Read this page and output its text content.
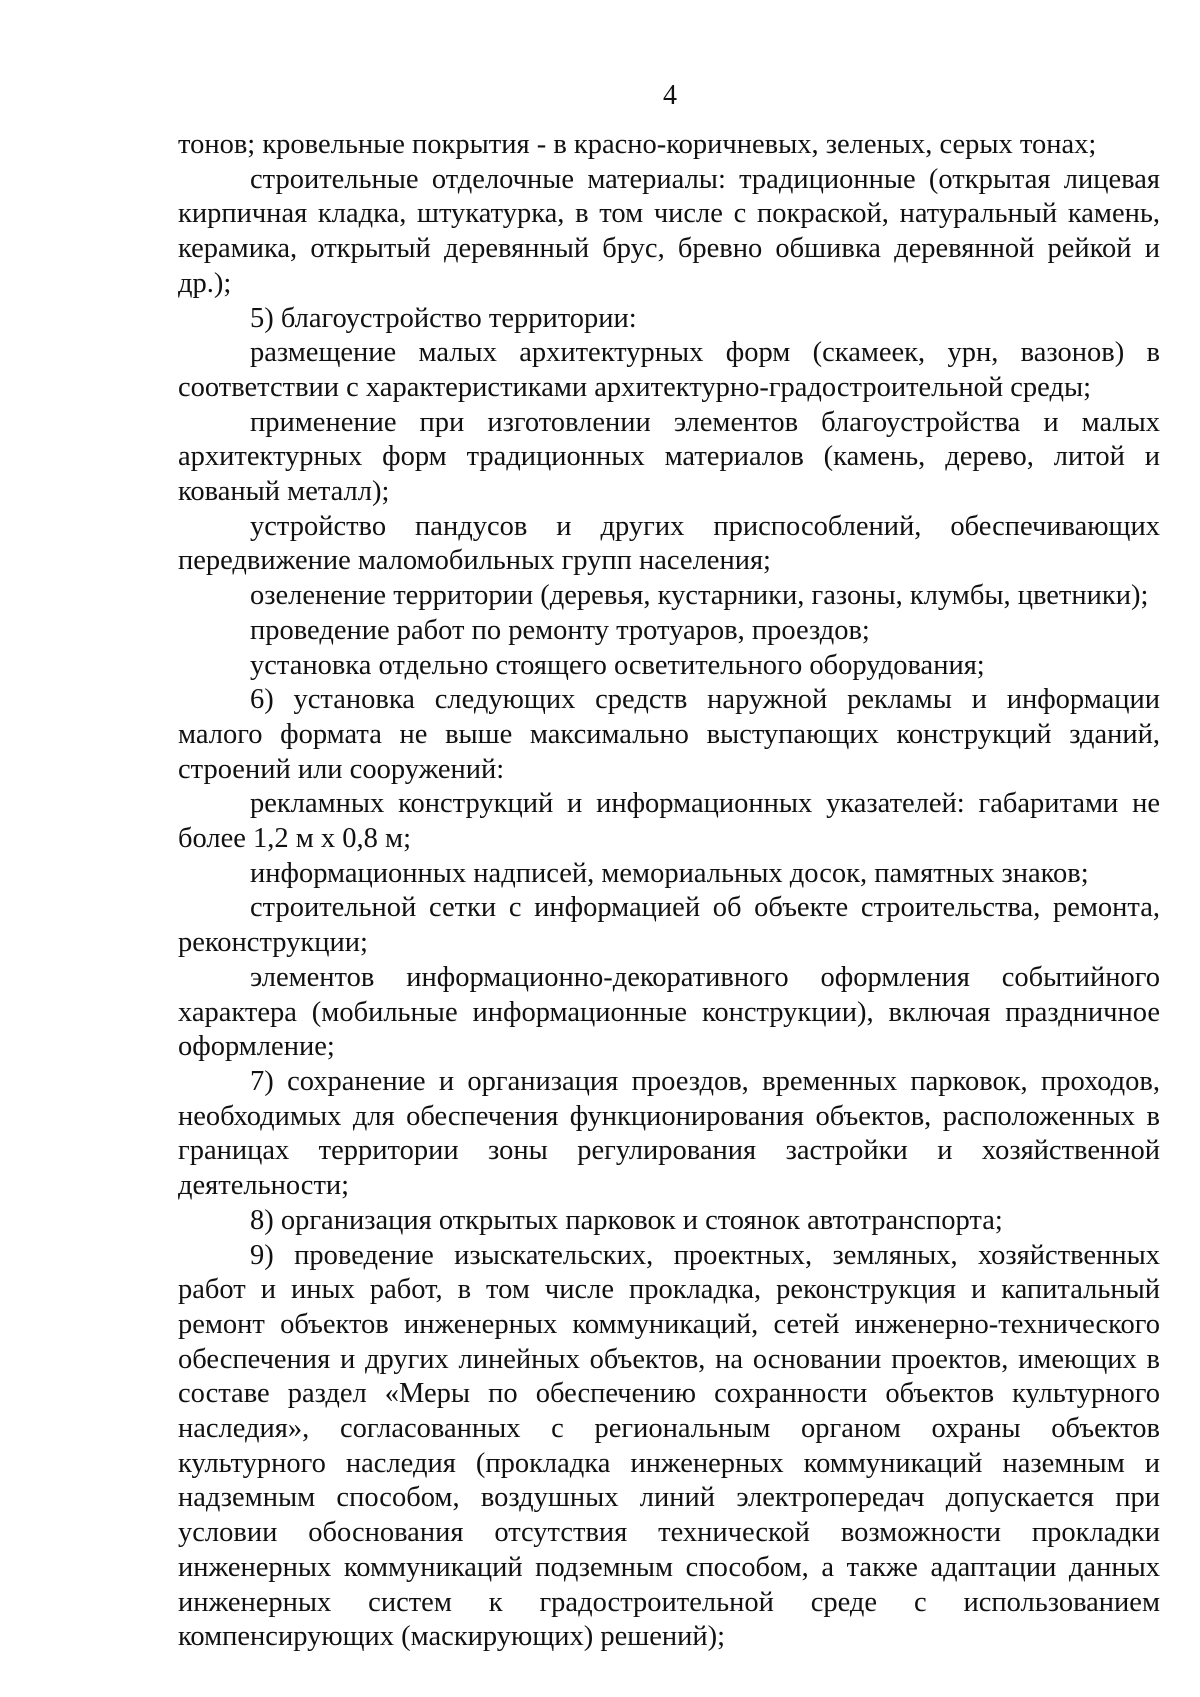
4

тонов; кровельные покрытия - в красно-коричневых, зеленых, серых тонах;

строительные отделочные материалы: традиционные (открытая лицевая кирпичная кладка, штукатурка, в том числе с покраской, натуральный камень, керамика, открытый деревянный брус, бревно обшивка деревянной рейкой и др.);

5) благоустройство территории:

размещение малых архитектурных форм (скамеек, урн, вазонов) в соответствии с характеристиками архитектурно-градостроительной среды;

применение при изготовлении элементов благоустройства и малых архитектурных форм традиционных материалов (камень, дерево, литой и кованый металл);

устройство пандусов и других приспособлений, обеспечивающих передвижение маломобильных групп населения;

озеленение территории (деревья, кустарники, газоны, клумбы, цветники);

проведение работ по ремонту тротуаров, проездов;

установка отдельно стоящего осветительного оборудования;

6) установка следующих средств наружной рекламы и информации малого формата не выше максимально выступающих конструкций зданий, строений или сооружений:

рекламных конструкций и информационных указателей: габаритами не более 1,2 м х 0,8 м;

информационных надписей, мемориальных досок, памятных знаков;

строительной сетки с информацией об объекте строительства, ремонта, реконструкции;

элементов информационно-декоративного оформления событийного характера (мобильные информационные конструкции), включая праздничное оформление;

7) сохранение и организация проездов, временных парковок, проходов, необходимых для обеспечения функционирования объектов, расположенных в границах территории зоны регулирования застройки и хозяйственной деятельности;

8) организация открытых парковок и стоянок автотранспорта;

9) проведение изыскательских, проектных, земляных, хозяйственных работ и иных работ, в том числе прокладка, реконструкция и капитальный ремонт объектов инженерных коммуникаций, сетей инженерно-технического обеспечения и других линейных объектов, на основании проектов, имеющих в составе раздел «Меры по обеспечению сохранности объектов культурного наследия», согласованных с региональным органом охраны объектов культурного наследия (прокладка инженерных коммуникаций наземным и надземным способом, воздушных линий электропередач допускается при условии обоснования отсутствия технической возможности прокладки инженерных коммуникаций подземным способом, а также адаптации данных инженерных систем к градостроительной среде с использованием компенсирующих (маскирующих) решений);
